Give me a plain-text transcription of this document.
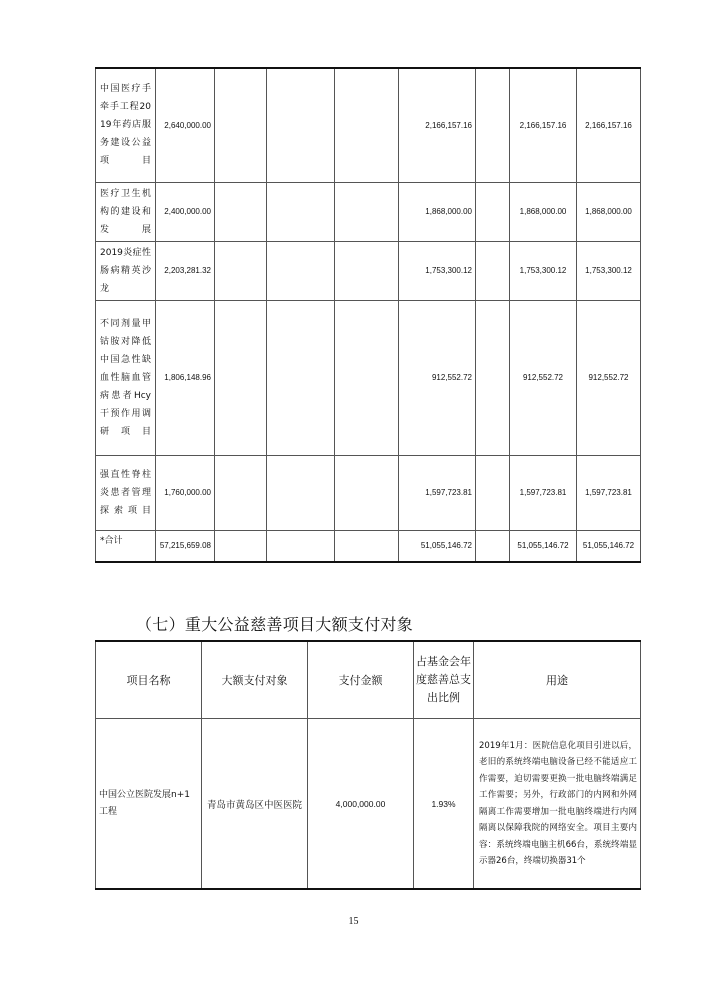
中国医疗手牵手工程2019年药店服务建设公益项目	2,640,000.00				2,166,157.16		2,166,157.16	2,166,157.16
医疗卫生机构的建设和发展	2,400,000.00				1,868,000.00		1,868,000.00	1,868,000.00
2019炎症性肠病精英沙龙	2,203,281.32				1,753,300.12		1,753,300.12	1,753,300.12
不同剂量甲钴胺对降低中国急性缺血性脑血管病患者Hcy干预作用调研项目	1,806,148.96				912,552.72		912,552.72	912,552.72
强直性脊柱炎患者管理探索项目	1,760,000.00				1,597,723.81		1,597,723.81	1,597,723.81
*合计	57,215,659.08				51,055,146.72		51,055,146.72	51,055,146.72
（七）重大公益慈善项目大额支付对象
项目名称	大额支付对象	支付金额	占基金会年度慈善总支出比例	用途
中国公立医院发展n+1工程	青岛市黄岛区中医医院	4,000,000.00	1.93%	2019年1月：医院信息化项目引进以后，老旧的系统终端电脑设备已经不能适应工作需要，迫切需要更换一批电脑终端满足工作需要；另外，行政部门的内网和外网隔离工作需要增加一批电脑终端进行内网隔离以保障我院的网络安全。项目主要内容：系统终端电脑主机66台，系统终端显示器26台，终端切换器31个
15
